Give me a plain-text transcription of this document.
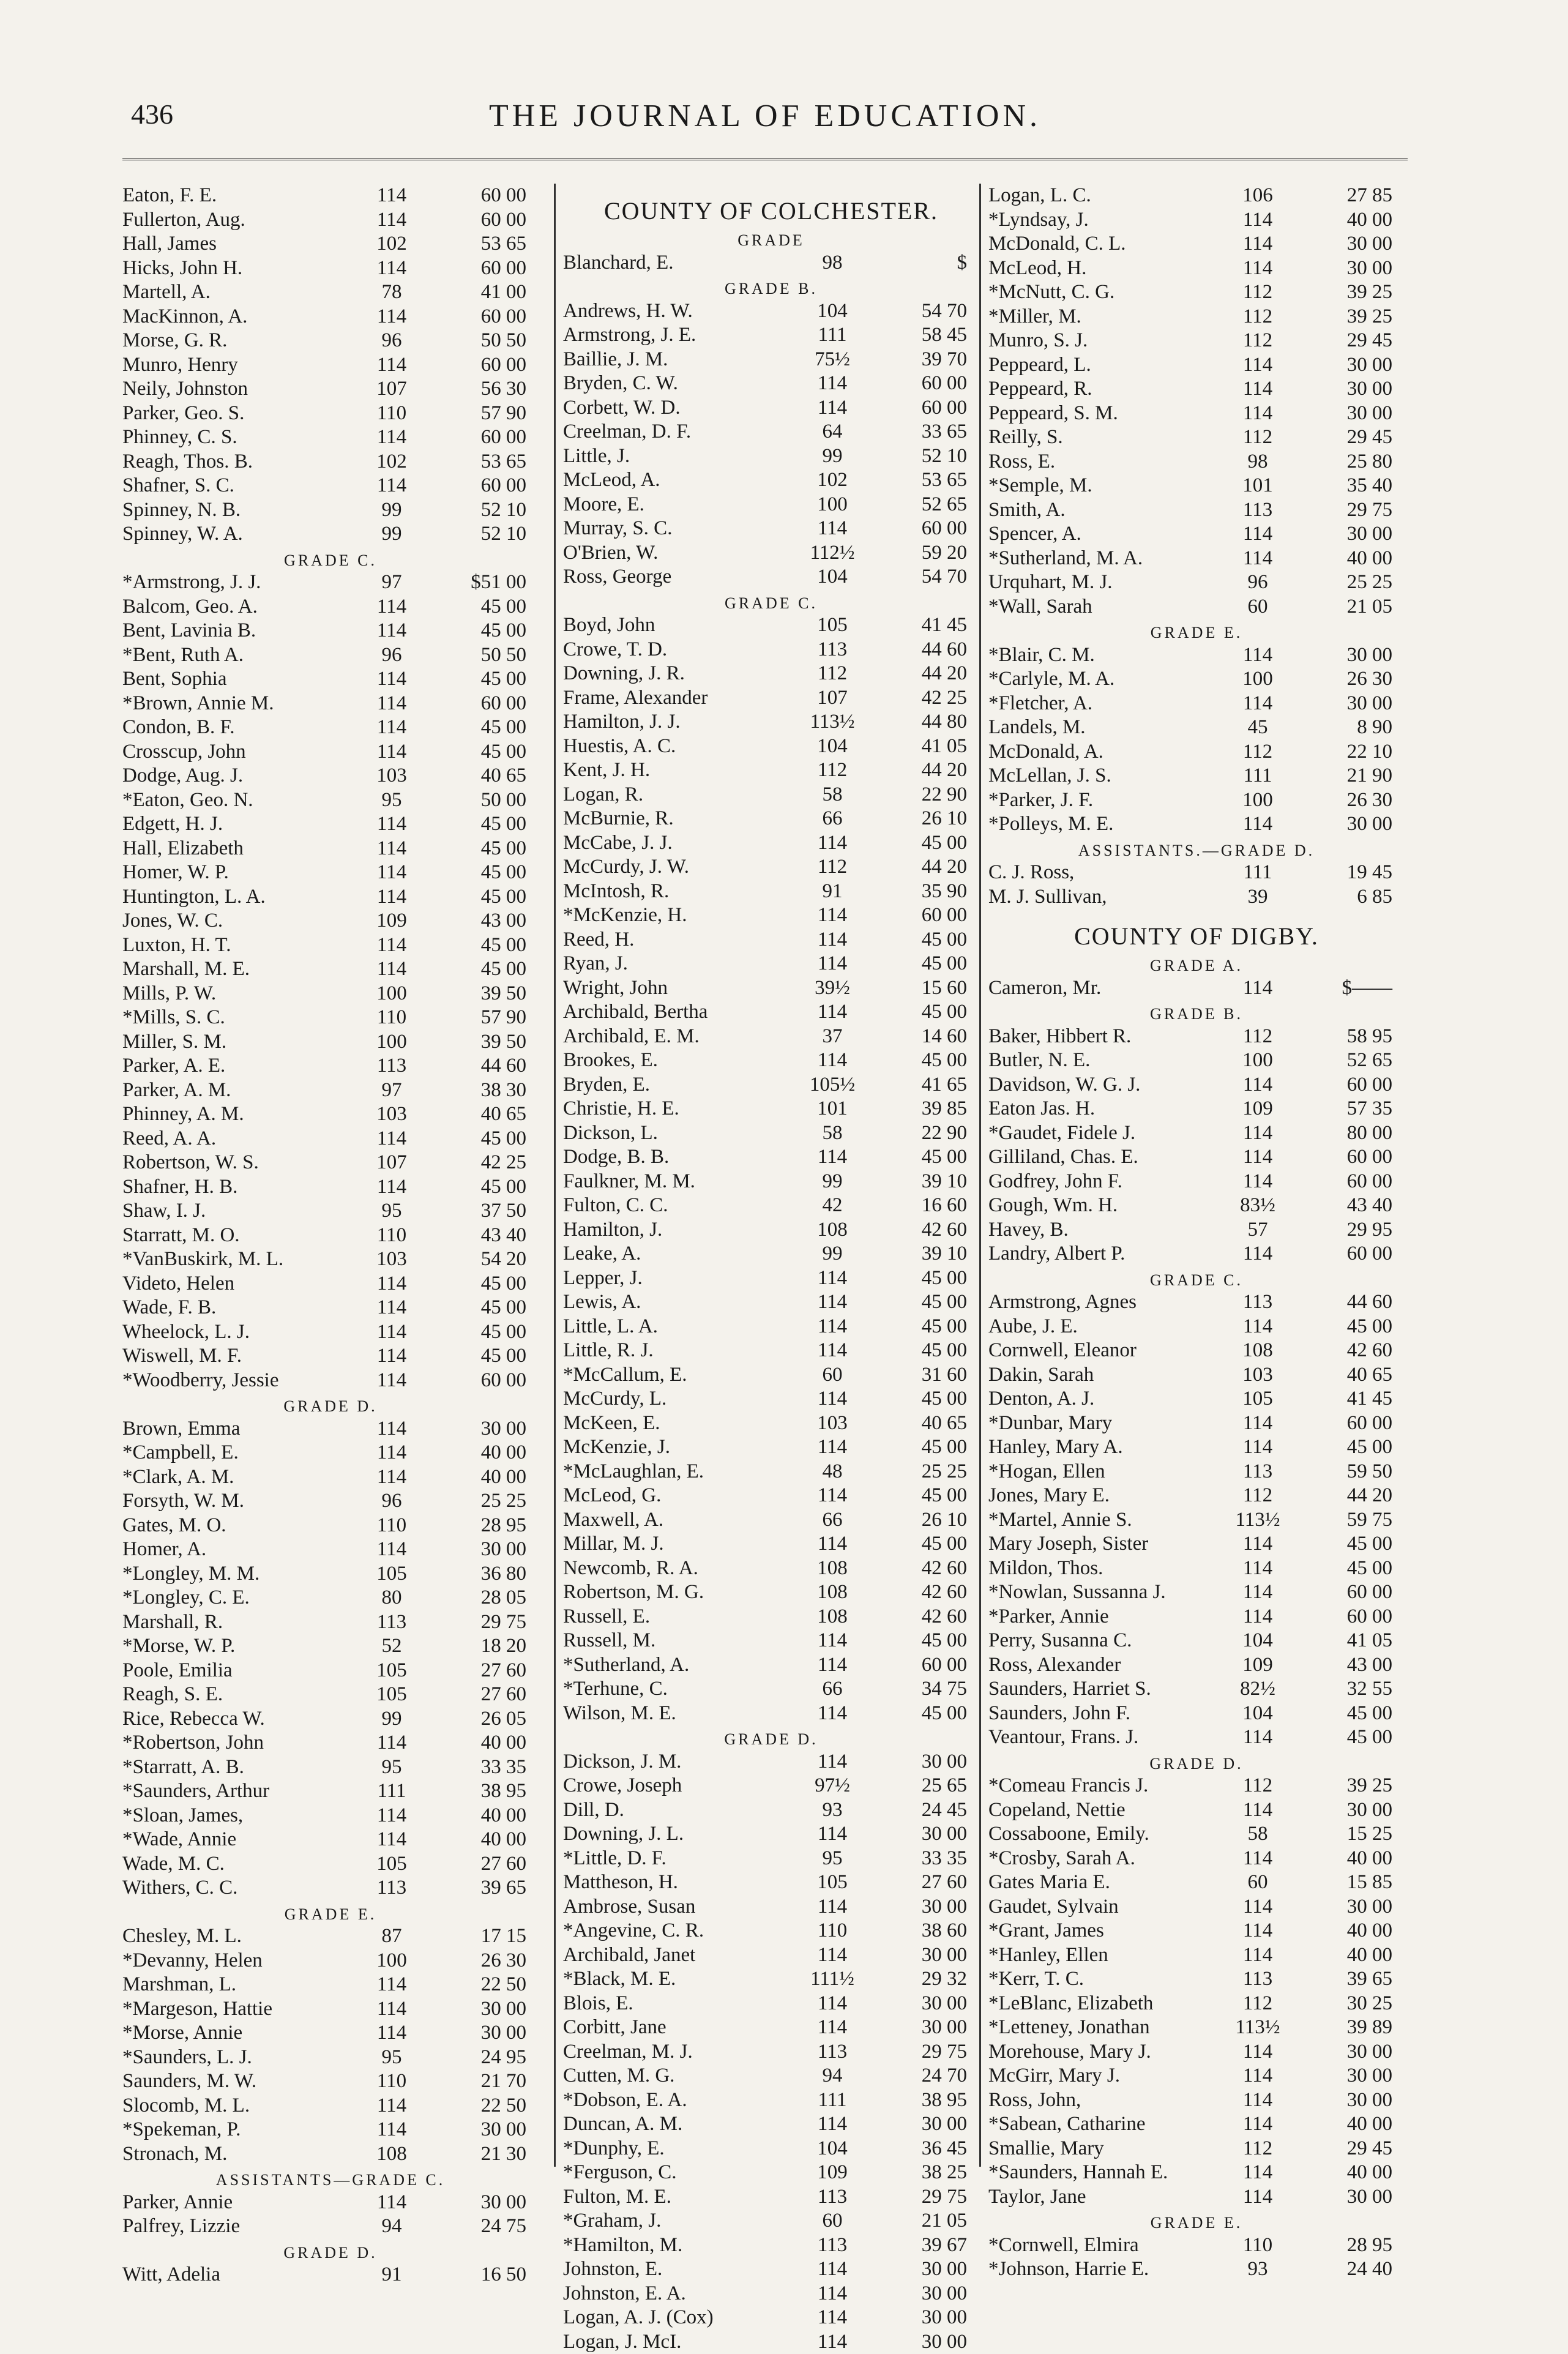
436	THE JOURNAL OF EDUCATION.
Eaton, F. E.	114	60 00
Fullerton, Aug.	114	60 00
Hall, James	102	53 65
Hicks, John H.	114	60 00
Martell, A.	78	41 00
MacKinnon, A.	114	60 00
Morse, G. R.	96	50 50
Munro, Henry	114	60 00
Neily, Johnston	107	56 30
Parker, Geo. S.	110	57 90
Phinney, C. S.	114	60 00
Reagh, Thos. B.	102	53 65
Shafner, S. C.	114	60 00
Spinney, N. B.	99	52 10
Spinney, W. A.	99	52 10
GRADE C.
*Armstrong, J. J.	97	$51 00
Balcom, Geo. A.	114	45 00
Bent, Lavinia B.	114	45 00
*Bent, Ruth A.	96	50 50
Bent, Sophia	114	45 00
*Brown, Annie M.	114	60 00
Condon, B. F.	114	45 00
Crosscup, John	114	45 00
Dodge, Aug. J.	103	40 65
*Eaton, Geo. N.	95	50 00
Edgett, H. J.	114	45 00
Hall, Elizabeth	114	45 00
Homer, W. P.	114	45 00
Huntington, L. A.	114	45 00
Jones, W. C.	109	43 00
Luxton, H. T.	114	45 00
Marshall, M. E.	114	45 00
Mills, P. W.	100	39 50
*Mills, S. C.	110	57 90
Miller, S. M.	100	39 50
Parker, A. E.	113	44 60
Parker, A. M.	97	38 30
Phinney, A. M.	103	40 65
Reed, A. A.	114	45 00
Robertson, W. S.	107	42 25
Shafner, H. B.	114	45 00
Shaw, I. J.	95	37 50
Starratt, M. O.	110	43 40
*VanBuskirk, M. L.	103	54 20
Videto, Helen	114	45 00
Wade, F. B.	114	45 00
Wheelock, L. J.	114	45 00
Wiswell, M. F.	114	45 00
*Woodberry, Jessie	114	60 00
GRADE D.
Brown, Emma	114	30 00
*Campbell, E.	114	40 00
*Clark, A. M.	114	40 00
Forsyth, W. M.	96	25 25
Gates, M. O.	110	28 95
Homer, A.	114	30 00
*Longley, M. M.	105	36 80
*Longley, C. E.	80	28 05
Marshall, R.	113	29 75
*Morse, W. P.	52	18 20
Poole, Emilia	105	27 60
Reagh, S. E.	105	27 60
Rice, Rebecca W.	99	26 05
*Robertson, John	114	40 00
*Starratt, A. B.	95	33 35
*Saunders, Arthur	111	38 95
*Sloan, James,	114	40 00
*Wade, Annie	114	40 00
Wade, M. C.	105	27 60
Withers, C. C.	113	39 65
GRADE E.
Chesley, M. L.	87	17 15
*Devanny, Helen	100	26 30
Marshman, L.	114	22 50
*Margeson, Hattie	114	30 00
*Morse, Annie	114	30 00
*Saunders, L. J.	95	24 95
Saunders, M. W.	110	21 70
Slocomb, M. L.	114	22 50
*Spekeman, P.	114	30 00
Stronach, M.	108	21 30
ASSISTANTS—GRADE C.
Parker, Annie	114	30 00
Palfrey, Lizzie	94	24 75
GRADE D.
Witt, Adelia	91	16 50
COUNTY OF COLCHESTER.
GRADE
Blanchard, E.	98	$
GRADE B.
Andrews, H. W.	104	54 70
Armstrong, J. E.	111	58 45
Baillie, J. M.	75½	39 70
Bryden, C. W.	114	60 00
Corbett, W. D.	114	60 00
Creelman, D. F.	64	33 65
Little, J.	99	52 10
McLeod, A.	102	53 65
Moore, E.	100	52 65
Murray, S. C.	114	60 00
O'Brien, W.	112½	59 20
Ross, George	104	54 70
GRADE C.
Boyd, John	105	41 45
Crowe, T. D.	113	44 60
Downing, J. R.	112	44 20
Frame, Alexander	107	42 25
Hamilton, J. J.	113½	44 80
Huestis, A. C.	104	41 05
Kent, J. H.	112	44 20
Logan, R.	58	22 90
McBurnie, R.	66	26 10
McCabe, J. J.	114	45 00
McCurdy, J. W.	112	44 20
McIntosh, R.	91	35 90
*McKenzie, H.	114	60 00
Reed, H.	114	45 00
Ryan, J.	114	45 00
Wright, John	39½	15 60
Archibald, Bertha	114	45 00
Archibald, E. M.	37	14 60
Brookes, E.	114	45 00
Bryden, E.	105½	41 65
Christie, H. E.	101	39 85
Dickson, L.	58	22 90
Dodge, B. B.	114	45 00
Faulkner, M. M.	99	39 10
Fulton, C. C.	42	16 60
Hamilton, J.	108	42 60
Leake, A.	99	39 10
Lepper, J.	114	45 00
Lewis, A.	114	45 00
Little, L. A.	114	45 00
Little, R. J.	114	45 00
*McCallum, E.	60	31 60
McCurdy, L.	114	45 00
McKeen, E.	103	40 65
McKenzie, J.	114	45 00
*McLaughlan, E.	48	25 25
McLeod, G.	114	45 00
Maxwell, A.	66	26 10
Millar, M. J.	114	45 00
Newcomb, R. A.	108	42 60
Robertson, M. G.	108	42 60
Russell, E.	108	42 60
Russell, M.	114	45 00
*Sutherland, A.	114	60 00
*Terhune, C.	66	34 75
Wilson, M. E.	114	45 00
GRADE D.
Dickson, J. M.	114	30 00
Crowe, Joseph	97½	25 65
Dill, D.	93	24 45
Downing, J. L.	114	30 00
*Little, D. F.	95	33 35
Mattheson, H.	105	27 60
Ambrose, Susan	114	30 00
*Angevine, C. R.	110	38 60
Archibald, Janet	114	30 00
*Black, M. E.	111½	29 32
Blois, E.	114	30 00
Corbitt, Jane	114	30 00
Creelman, M. J.	113	29 75
Cutten, M. G.	94	24 70
*Dobson, E. A.	111	38 95
Duncan, A. M.	114	30 00
*Dunphy, E.	104	36 45
*Ferguson, C.	109	38 25
Fulton, M. E.	113	29 75
*Graham, J.	60	21 05
*Hamilton, M.	113	39 67
Johnston, E.	114	30 00
Johnston, E. A.	114	30 00
Logan, A. J. (Cox)	114	30 00
Logan, J. McI.	114	30 00
Logan, L. C.	106	27 85
*Lyndsay, J.	114	40 00
McDonald, C. L.	114	30 00
McLeod, H.	114	30 00
*McNutt, C. G.	112	39 25
*Miller, M.	112	39 25
Munro, S. J.	112	29 45
Peppeard, L.	114	30 00
Peppeard, R.	114	30 00
Peppeard, S. M.	114	30 00
Reilly, S.	112	29 45
Ross, E.	98	25 80
*Semple, M.	101	35 40
Smith, A.	113	29 75
Spencer, A.	114	30 00
*Sutherland, M. A.	114	40 00
Urquhart, M. J.	96	25 25
*Wall, Sarah	60	21 05
GRADE E.
*Blair, C. M.	114	30 00
*Carlyle, M. A.	100	26 30
*Fletcher, A.	114	30 00
Landels, M.	45	8 90
McDonald, A.	112	22 10
McLellan, J. S.	111	21 90
*Parker, J. F.	100	26 30
*Polleys, M. E.	114	30 00
ASSISTANTS.—GRADE D.
C. J. Ross,	111	19 45
M. J. Sullivan,	39	6 85
COUNTY OF DIGBY.
GRADE A.
Cameron, Mr.	114	$——
GRADE B.
Baker, Hibbert R.	112	58 95
Butler, N. E.	100	52 65
Davidson, W. G. J.	114	60 00
Eaton Jas. H.	109	57 35
*Gaudet, Fidele J.	114	80 00
Gilliland, Chas. E.	114	60 00
Godfrey, John F.	114	60 00
Gough, Wm. H.	83½	43 40
Havey, B.	57	29 95
Landry, Albert P.	114	60 00
GRADE C.
Armstrong, Agnes	113	44 60
Aube, J. E.	114	45 00
Cornwell, Eleanor	108	42 60
Dakin, Sarah	103	40 65
Denton, A. J.	105	41 45
*Dunbar, Mary	114	60 00
Hanley, Mary A.	114	45 00
*Hogan, Ellen	113	59 50
Jones, Mary E.	112	44 20
*Martel, Annie S.	113½	59 75
Mary Joseph, Sister	114	45 00
Mildon, Thos.	114	45 00
*Nowlan, Sussanna J.	114	60 00
*Parker, Annie	114	60 00
Perry, Susanna C.	104	41 05
Ross, Alexander	109	43 00
Saunders, Harriet S.	82½	32 55
Saunders, John F.	104	45 00
Veantour, Frans. J.	114	45 00
GRADE D.
*Comeau Francis J.	112	39 25
Copeland, Nettie	114	30 00
Cossaboone, Emily.	58	15 25
*Crosby, Sarah A.	114	40 00
Gates Maria E.	60	15 85
Gaudet, Sylvain	114	30 00
*Grant, James	114	40 00
*Hanley, Ellen	114	40 00
*Kerr, T. C.	113	39 65
*LeBlanc, Elizabeth	112	30 25
*Letteney, Jonathan	113½	39 89
Morehouse, Mary J.	114	30 00
McGirr, Mary J.	114	30 00
Ross, John,	114	30 00
*Sabean, Catharine	114	40 00
Smallie, Mary	112	29 45
*Saunders, Hannah E.	114	40 00
Taylor, Jane	114	30 00
GRADE E.
*Cornwell, Elmira	110	28 95
*Johnson, Harrie E.	93	24 40
